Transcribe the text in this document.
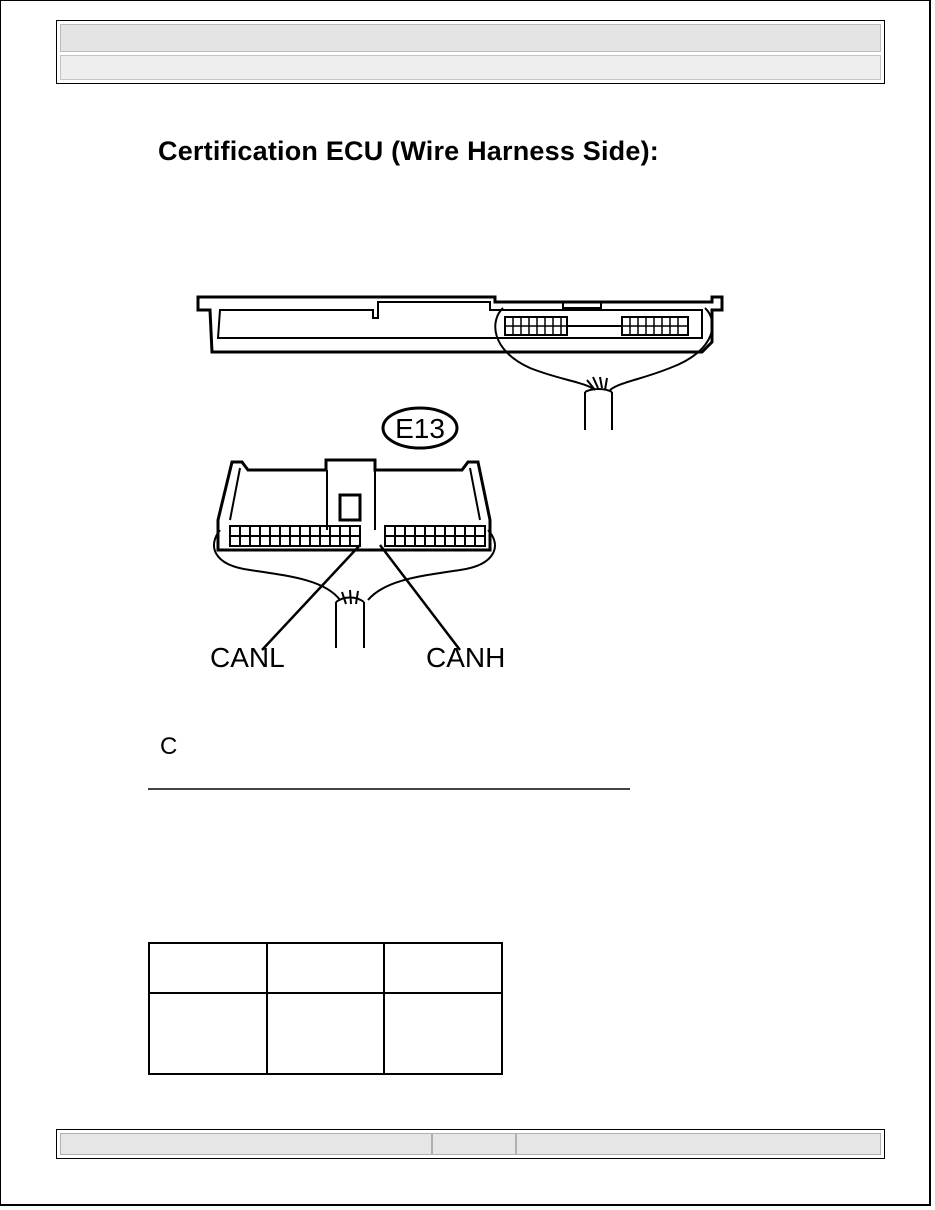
Certification ECU (Wire Harness Side):
E13
CANL	CANH
C
